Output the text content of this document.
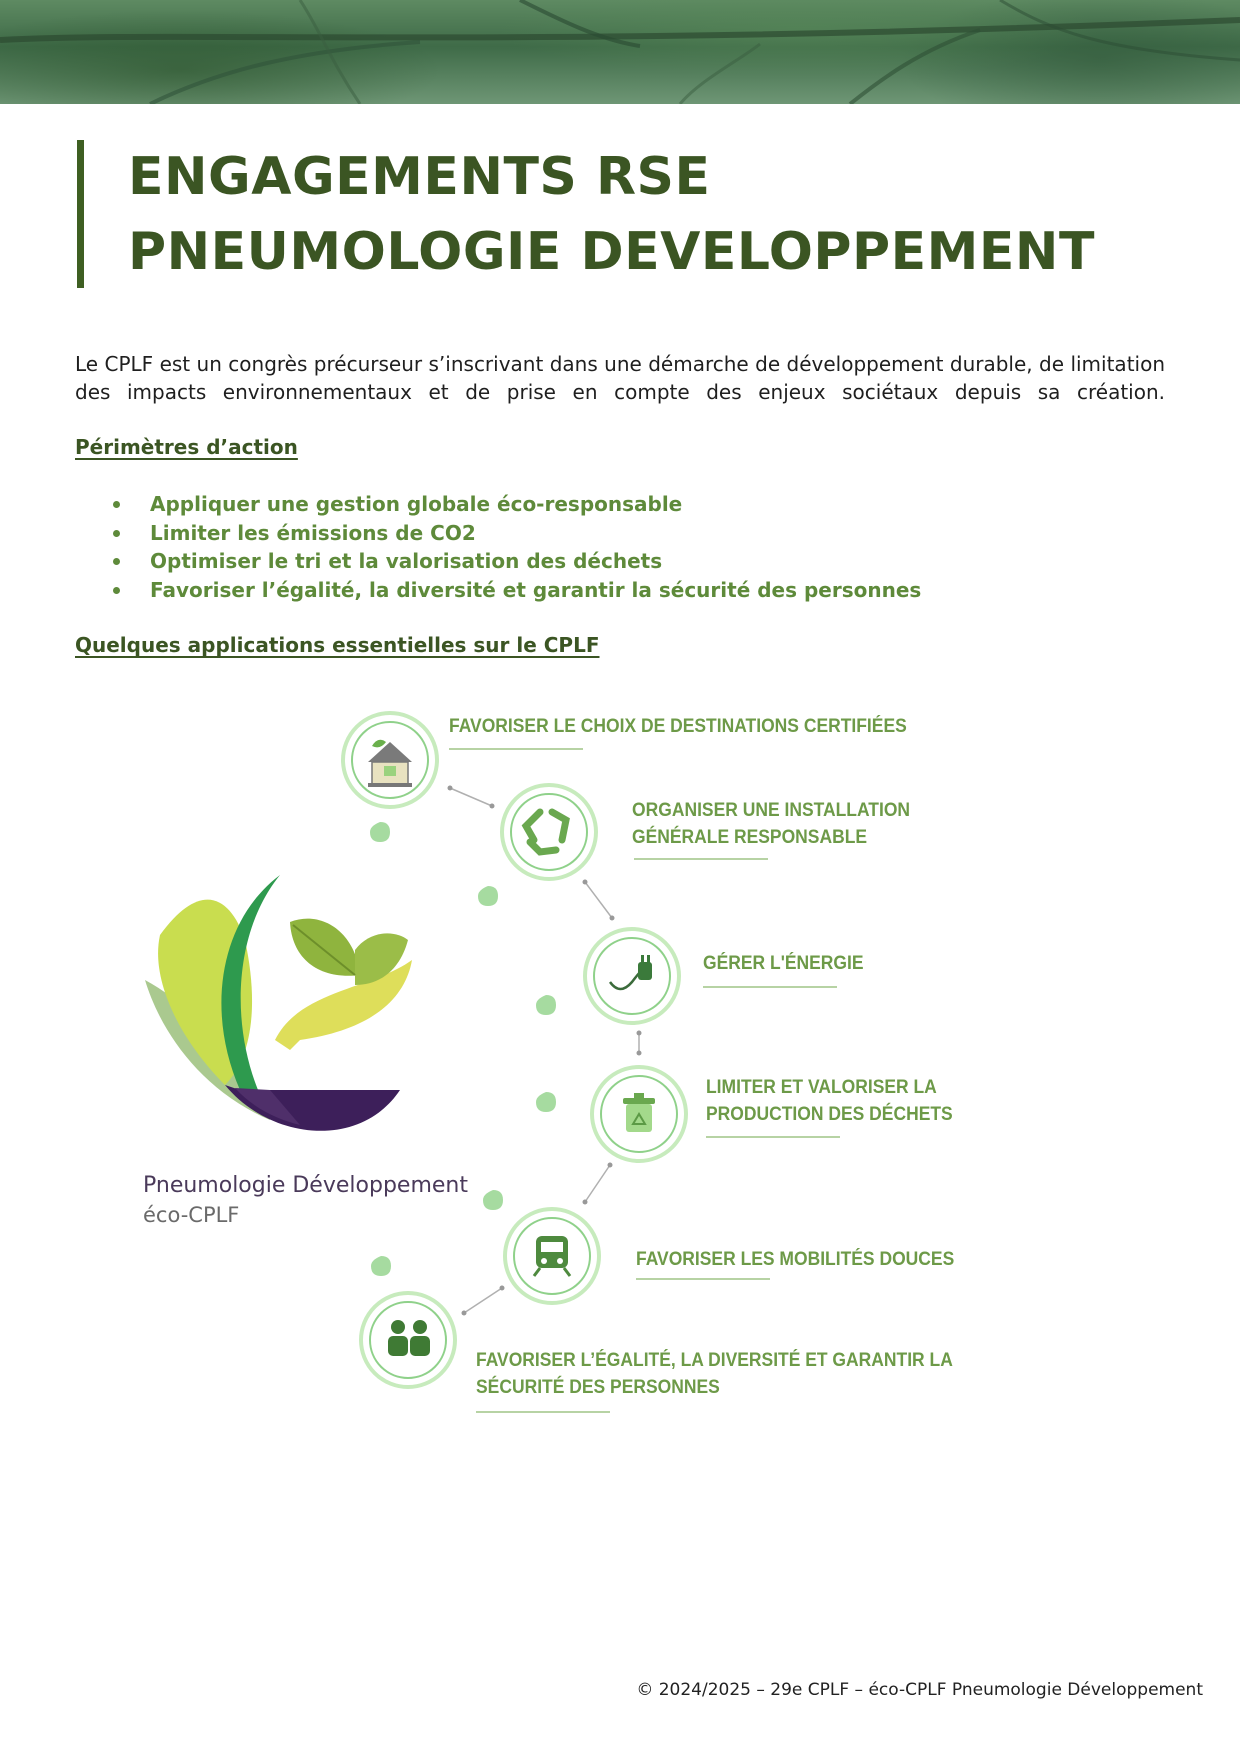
ENGAGEMENTS RSE
PNEUMOLOGIE DEVELOPPEMENT

Le CPLF est un congrès précurseur s’inscrivant dans une démarche de développement durable, de limitation des impacts environnementaux et de prise en compte des enjeux sociétaux depuis sa création.

Périmètres d’action
Appliquer une gestion globale éco-responsable
Limiter les émissions de CO2
Optimiser le tri et la valorisation des déchets
Favoriser l’égalité, la diversité et garantir la sécurité des personnes
Quelques applications essentielles sur le CPLF

FAVORISER LE CHOIX DE DESTINATIONS CERTIFIÉES

ORGANISER UNE INSTALLATION
GÉNÉRALE RESPONSABLE

GÉRER L'ÉNERGIE

LIMITER ET VALORISER LA
PRODUCTION DES DÉCHETS

FAVORISER LES MOBILITÉS DOUCES

FAVORISER L’ÉGALITÉ, LA DIVERSITÉ ET GARANTIR LA
SÉCURITÉ DES PERSONNES

Pneumologie Développement

éco-CPLF

© 2024/2025 – 29e CPLF – éco-CPLF Pneumologie Développement
